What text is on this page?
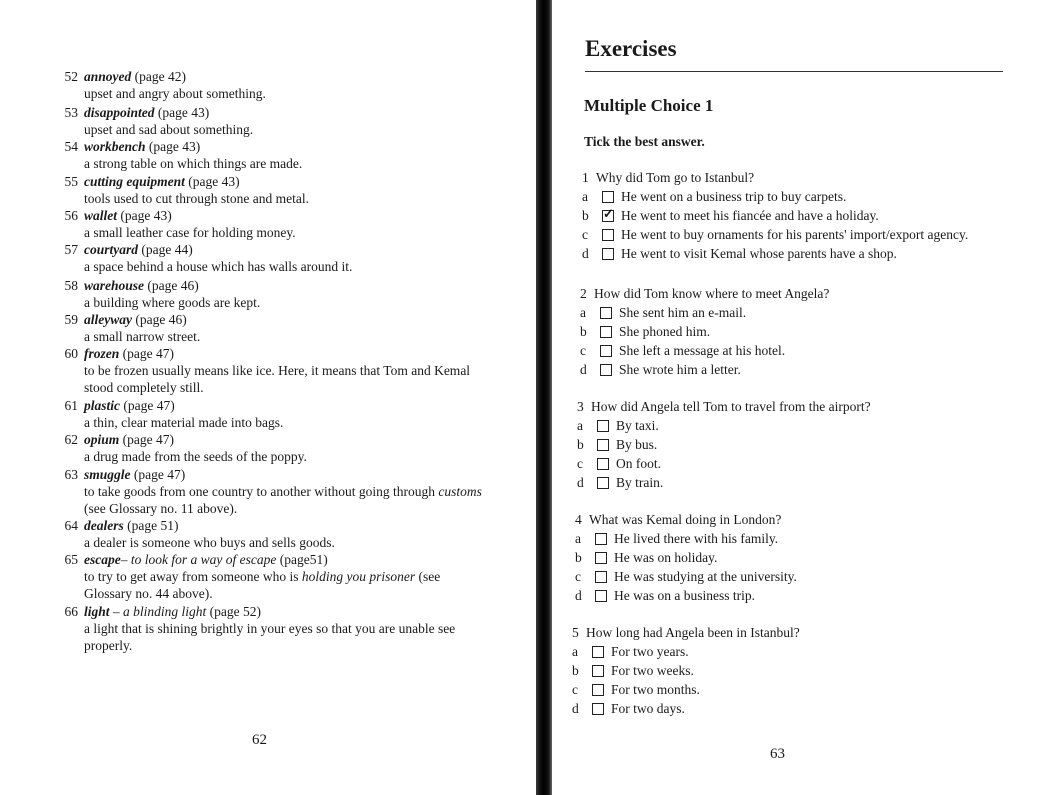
52 annoyed (page 42)
upset and angry about something.
53 disappointed (page 43)
upset and sad about something.
54 workbench (page 43)
a strong table on which things are made.
55 cutting equipment (page 43)
tools used to cut through stone and metal.
56 wallet (page 43)
a small leather case for holding money.
57 courtyard (page 44)
a space behind a house which has walls around it.
58 warehouse (page 46)
a building where goods are kept.
59 alleyway (page 46)
a small narrow street.
60 frozen (page 47)
to be frozen usually means like ice. Here, it means that Tom and Kemal stood completely still.
61 plastic (page 47)
a thin, clear material made into bags.
62 opium (page 47)
a drug made from the seeds of the poppy.
63 smuggle (page 47)
to take goods from one country to another without going through customs (see Glossary no. 11 above).
64 dealers (page 51)
a dealer is someone who buys and sells goods.
65 escape– to look for a way of escape (page51)
to try to get away from someone who is holding you prisoner (see Glossary no. 44 above).
66 light – a blinding light (page 52)
a light that is shining brightly in your eyes so that you are unable see properly.
62
Exercises
Multiple Choice 1
Tick the best answer.
1 Why did Tom go to Istanbul?
a	He went on a business trip to buy carpets.
b	✓ He went to meet his fiancée and have a holiday.
c	He went to buy ornaments for his parents' import/export agency.
d	He went to visit Kemal whose parents have a shop.
2 How did Tom know where to meet Angela?
a	She sent him an e-mail.
b	She phoned him.
c	She left a message at his hotel.
d	She wrote him a letter.
3 How did Angela tell Tom to travel from the airport?
a	By taxi.
b	By bus.
c	On foot.
d	By train.
4 What was Kemal doing in London?
a	He lived there with his family.
b	He was on holiday.
c	He was studying at the university.
d	He was on a business trip.
5 How long had Angela been in Istanbul?
a	For two years.
b	For two weeks.
c	For two months.
d	For two days.
63
